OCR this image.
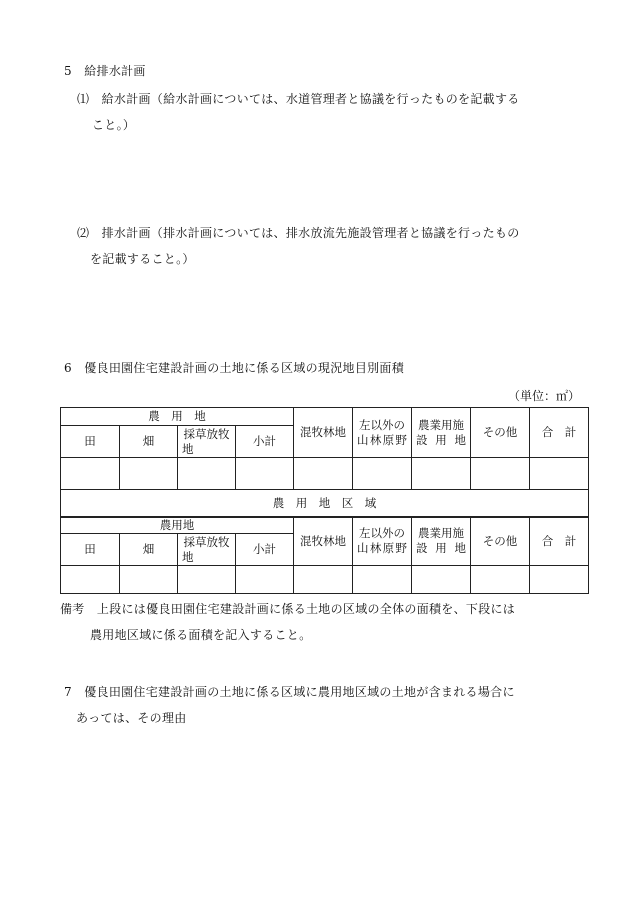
5　給排水計画
⑴　給水計画（給水計画については、水道管理者と協議を行ったものを記載する
こと。）
⑵　排水計画（排水計画については、排水放流先施設管理者と協議を行ったもの
を記載すること。）
6　優良田園住宅建設計画の土地に係る区域の現況地目別面積
（単位：㎡）
農　用　地				混牧林地	左以外の山林原野	農業用施設用地	その他	合　計
田	畑	採草放牧地	小計					

農　用　地　区　域								
農用地				混牧林地	左以外の山林原野	農業用施設用地	その他	合　計
田	畑	採草放牧地	小計					

備考　上段には優良田園住宅建設計画に係る土地の区域の全体の面積を、下段には
農用地区域に係る面積を記入すること。
7　優良田園住宅建設計画の土地に係る区域に農用地区域の土地が含まれる場合に
あっては、その理由
